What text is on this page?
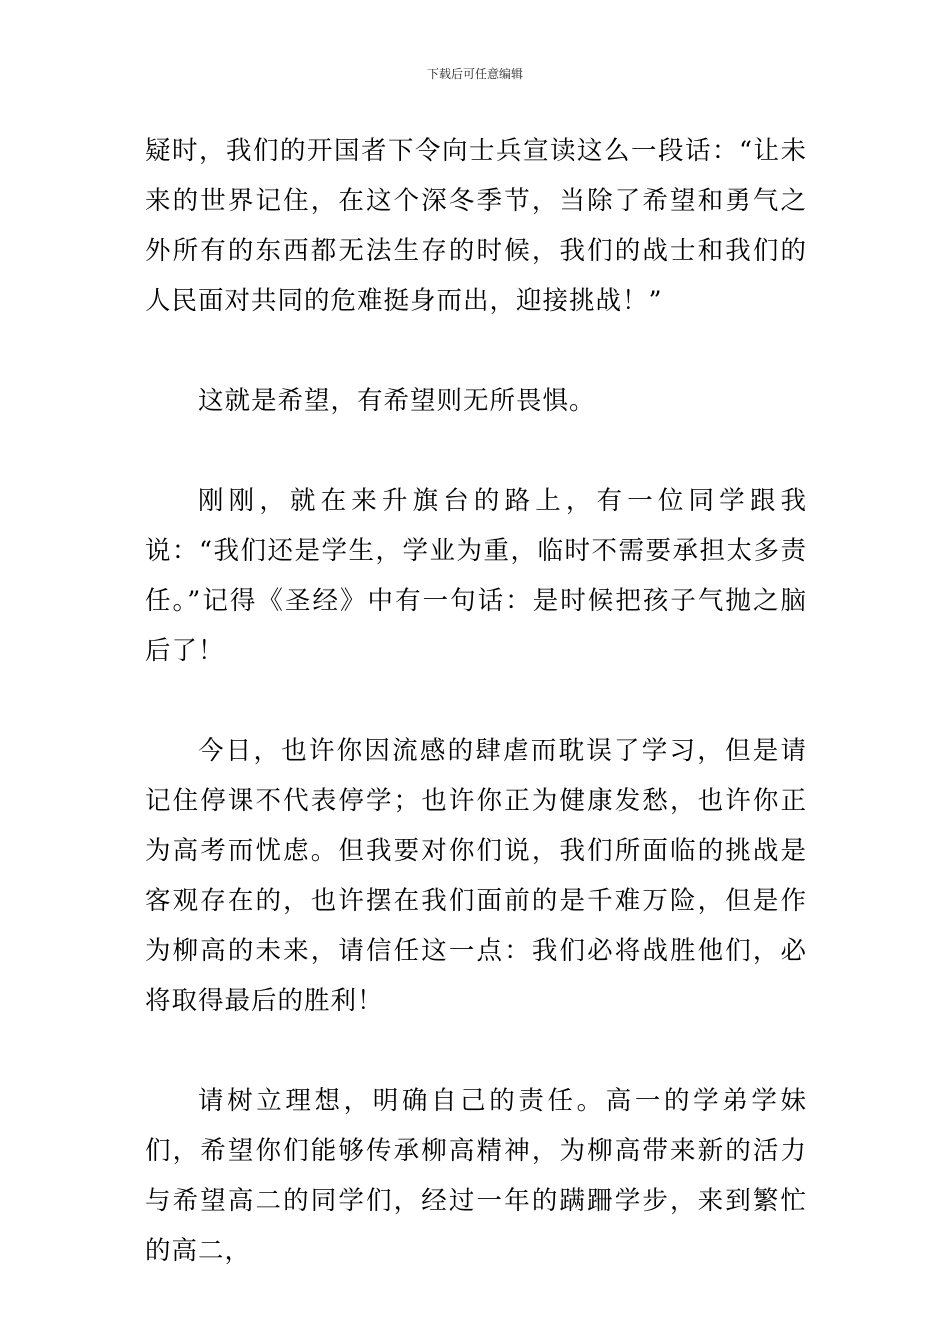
下载后可任意编辑

疑时，我们的开国者下令向士兵宣读这么一段话：“让未来的世界记住，在这个深冬季节，当除了希望和勇气之外所有的东西都无法生存的时候，我们的战士和我们的人民面对共同的危难挺身而出，迎接挑战！”

这就是希望，有希望则无所畏惧。

刚刚，就在来升旗台的路上，有一位同学跟我说：“我们还是学生，学业为重，临时不需要承担太多责任。”记得《圣经》中有一句话：是时候把孩子气抛之脑后了！

今日，也许你因流感的肆虐而耽误了学习，但是请记住停课不代表停学；也许你正为健康发愁，也许你正为高考而忧虑。但我要对你们说，我们所面临的挑战是客观存在的，也许摆在我们面前的是千难万险，但是作为柳高的未来，请信任这一点：我们必将战胜他们，必将取得最后的胜利！

请树立理想，明确自己的责任。高一的学弟学妹们，希望你们能够传承柳高精神，为柳高带来新的活力与希望高二的同学们，经过一年的蹒跚学步，来到繁忙的高二，
